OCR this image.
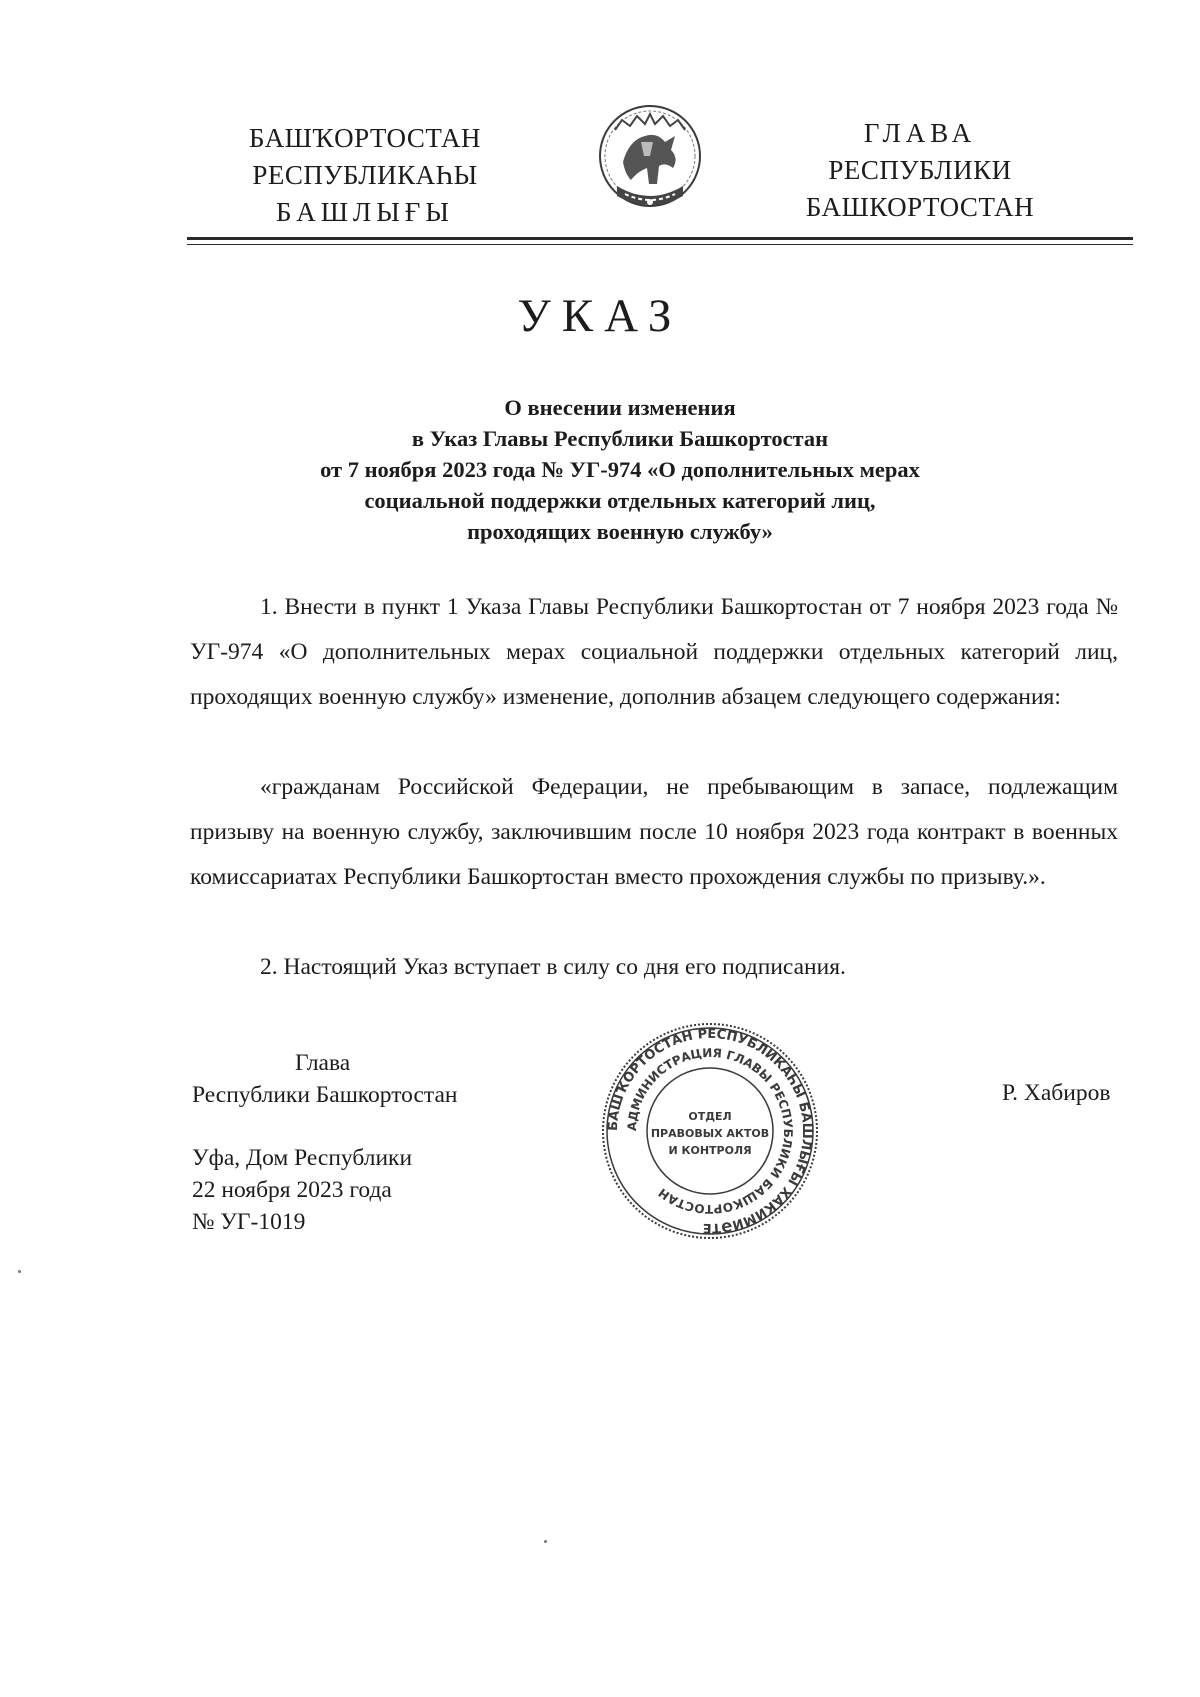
БАШҠОРТОСТАН
РЕСПУБЛИКАҺЫ
БАШЛЫҒЫ
ГЛАВА
РЕСПУБЛИКИ
БАШКОРТОСТАН
УКАЗ
О внесении изменения
в Указ Главы Республики Башкортостан
от 7 ноября 2023 года № УГ-974 «О дополнительных мерах
социальной поддержки отдельных категорий лиц,
проходящих военную службу»

1. Внести в пункт 1 Указа Главы Республики Башкортостан от 7 ноября 2023 года № УГ-974 «О дополнительных мерах социальной поддержки отдельных категорий лиц, проходящих военную службу» изменение, дополнив абзацем следующего содержания:

«гражданам Российской Федерации, не пребывающим в запасе, подлежащим призыву на военную службу, заключившим после 10 ноября 2023 года контракт в военных комиссариатах Республики Башкортостан вместо прохождения службы по призыву.».

2. Настоящий Указ вступает в силу со дня его подписания.

Глава
Республики Башкортостан
Уфа, Дом Республики
22 ноября 2023 года
№ УГ-1019
Р. Хабиров
БАШҠОРТОСТАН РЕСПУБЛИКАҺЫ БАШЛЫҒЫ ХАКИМИӘТЕ
АДМИНИСТРАЦИЯ ГЛАВЫ РЕСПУБЛИКИ БАШКОРТОСТАН
ОТДЕЛ
ПРАВОВЫХ АКТОВ
И КОНТРОЛЯ
